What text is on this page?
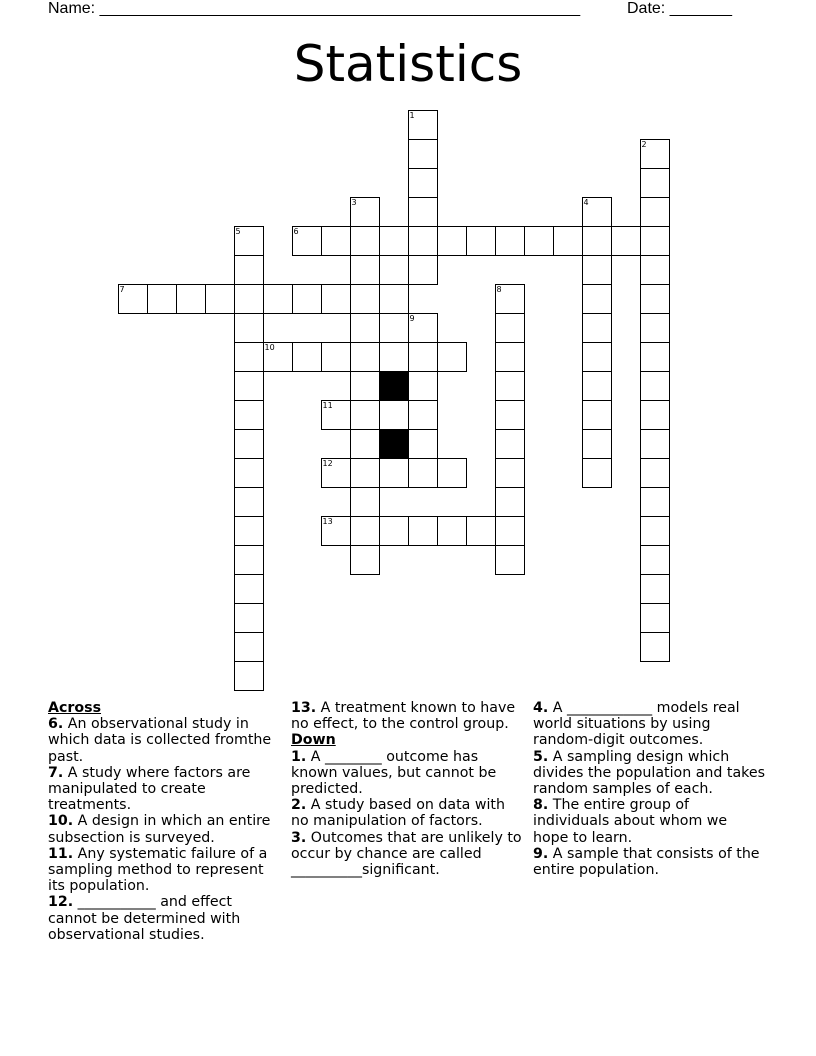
Name: ______________________________________________________	Date: _______
Statistics
1
2
3	4
5	6
7	8
9
10
11
12
13
Across
6. An observational study in which data is collected fromthe past.
7. A study where factors are manipulated to create treatments.
10. A design in which an entire subsection is surveyed.
11. Any systematic failure of a sampling method to represent its population.
12. ___________ and effect cannot be determined with observational studies.
13. A treatment known to have no effect, to the control group.
Down
1. A ________ outcome has known values, but cannot be predicted.
2. A study based on data with no manipulation of factors.
3. Outcomes that are unlikely to occur by chance are called __________significant.
4. A ____________ models real world situations by using random-digit outcomes.
5. A sampling design which divides the population and takes random samples of each.
8. The entire group of individuals about whom we hope to learn.
9. A sample that consists of the entire population.
